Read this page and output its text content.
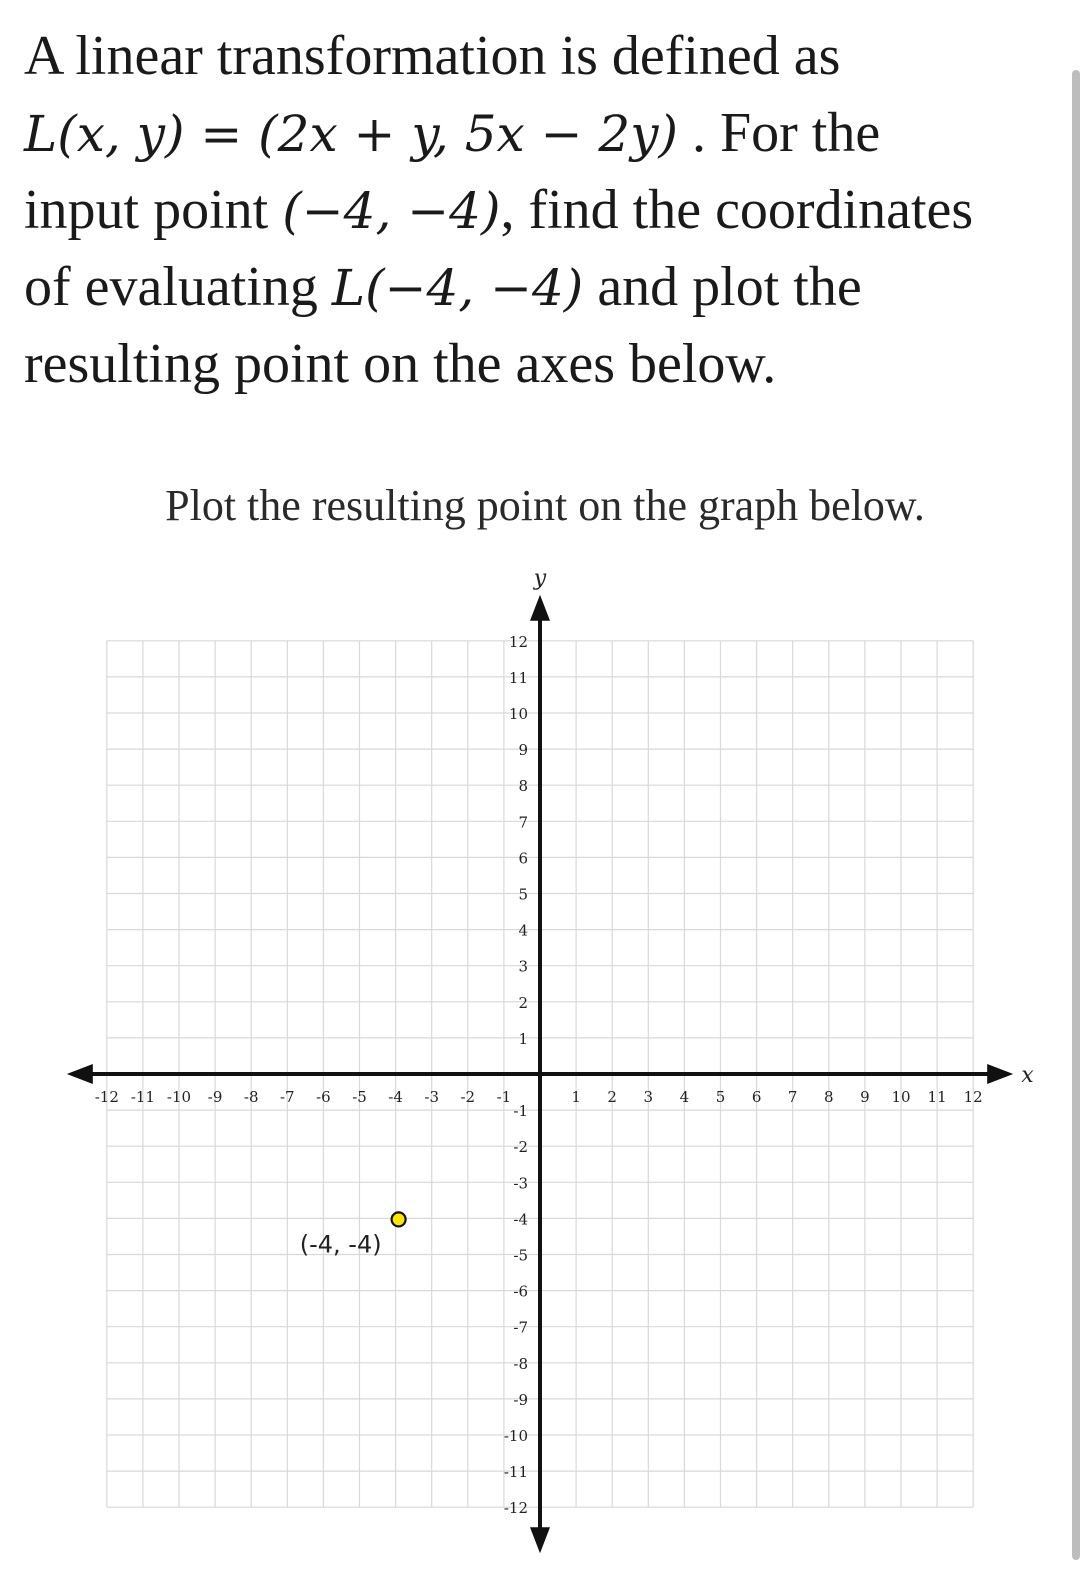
A linear transformation is defined as
L(x, y) = (2x + y, 5x − 2y) . For the
input point (−4, −4), find the coordinates
of evaluating L(−4, −4) and plot the
resulting point on the axes below.
Plot the resulting point on the graph below.
x
y
-12 -11 -10 -9 -8 -7 -6 -5 -4 -3 -2 -1	1 2 3 4 5 6 7 8 9 10 11 12
12
11
10
9
8
7
6
5
4
3
2
1
-1
-2
-3
-4
-5
-6
-7
-8
-9
-10
-11
-12
(-4, -4)
